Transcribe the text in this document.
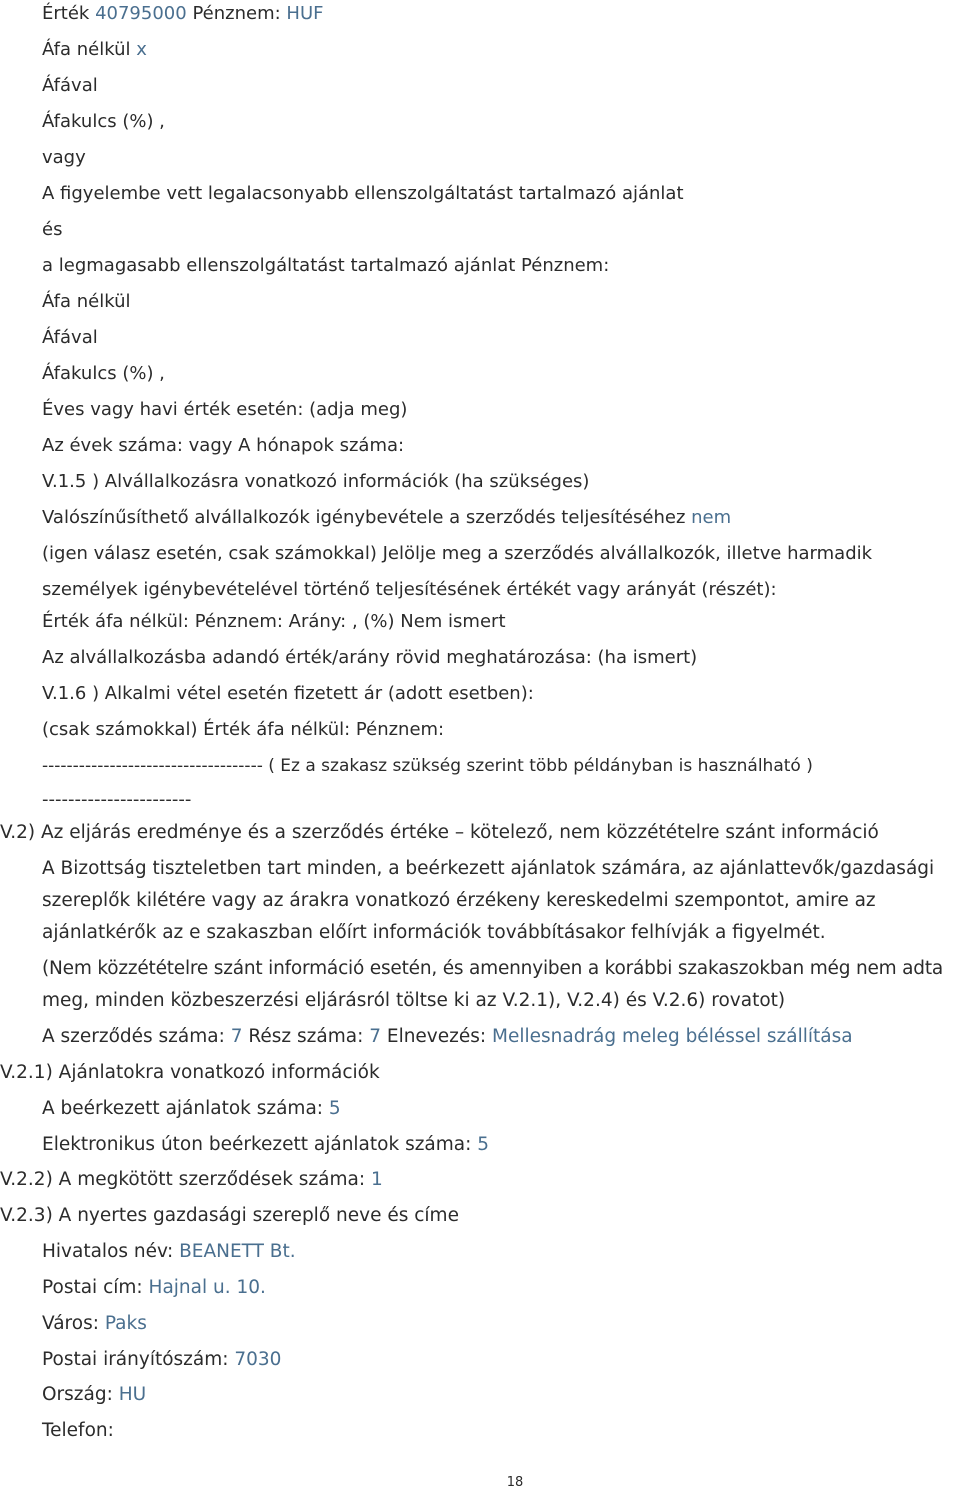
Érték 40795000 Pénznem: HUF
Áfa nélkül x
Áfával
Áfakulcs (%) ,
vagy
A figyelembe vett legalacsonyabb ellenszolgáltatást tartalmazó ajánlat
és
a legmagasabb ellenszolgáltatást tartalmazó ajánlat Pénznem:
Áfa nélkül
Áfával
Áfakulcs (%) ,
Éves vagy havi érték esetén: (adja meg)
Az évek száma: vagy A hónapok száma:
V.1.5 ) Alvállalkozásra vonatkozó információk (ha szükséges)
Valószínűsíthető alvállalkozók igénybevétele a szerződés teljesítéséhez nem
(igen válasz esetén, csak számokkal) Jelölje meg a szerződés alvállalkozók, illetve harmadik
személyek igénybevételével történő teljesítésének értékét vagy arányát (részét):
Érték áfa nélkül: Pénznem: Arány: , (%) Nem ismert
Az alvállalkozásba adandó érték/arány rövid meghatározása: (ha ismert)
V.1.6 ) Alkalmi vétel esetén fizetett ár (adott esetben):
(csak számokkal) Érték áfa nélkül: Pénznem:
------------------------------------ ( Ez a szakasz szükség szerint több példányban is használható )
-----------------------
V.2) Az eljárás eredménye és a szerződés értéke – kötelező, nem közzétételre szánt információ
A Bizottság tiszteletben tart minden, a beérkezett ajánlatok számára, az ajánlattevők/gazdasági
szereplők kilétére vagy az árakra vonatkozó érzékeny kereskedelmi szempontot, amire az
ajánlatkérők az e szakaszban előírt információk továbbításakor felhívják a figyelmét.
(Nem közzétételre szánt információ esetén, és amennyiben a korábbi szakaszokban még nem adta
meg, minden közbeszerzési eljárásról töltse ki az V.2.1), V.2.4) és V.2.6) rovatot)
A szerződés száma: 7 Rész száma: 7 Elnevezés: Mellesnadrág meleg béléssel szállítása
V.2.1) Ajánlatokra vonatkozó információk
A beérkezett ajánlatok száma: 5
Elektronikus úton beérkezett ajánlatok száma: 5
V.2.2) A megkötött szerződések száma: 1
V.2.3) A nyertes gazdasági szereplő neve és címe
Hivatalos név: BEANETT Bt.
Postai cím: Hajnal u. 10.
Város: Paks
Postai irányítószám: 7030
Ország: HU
Telefon:
18
